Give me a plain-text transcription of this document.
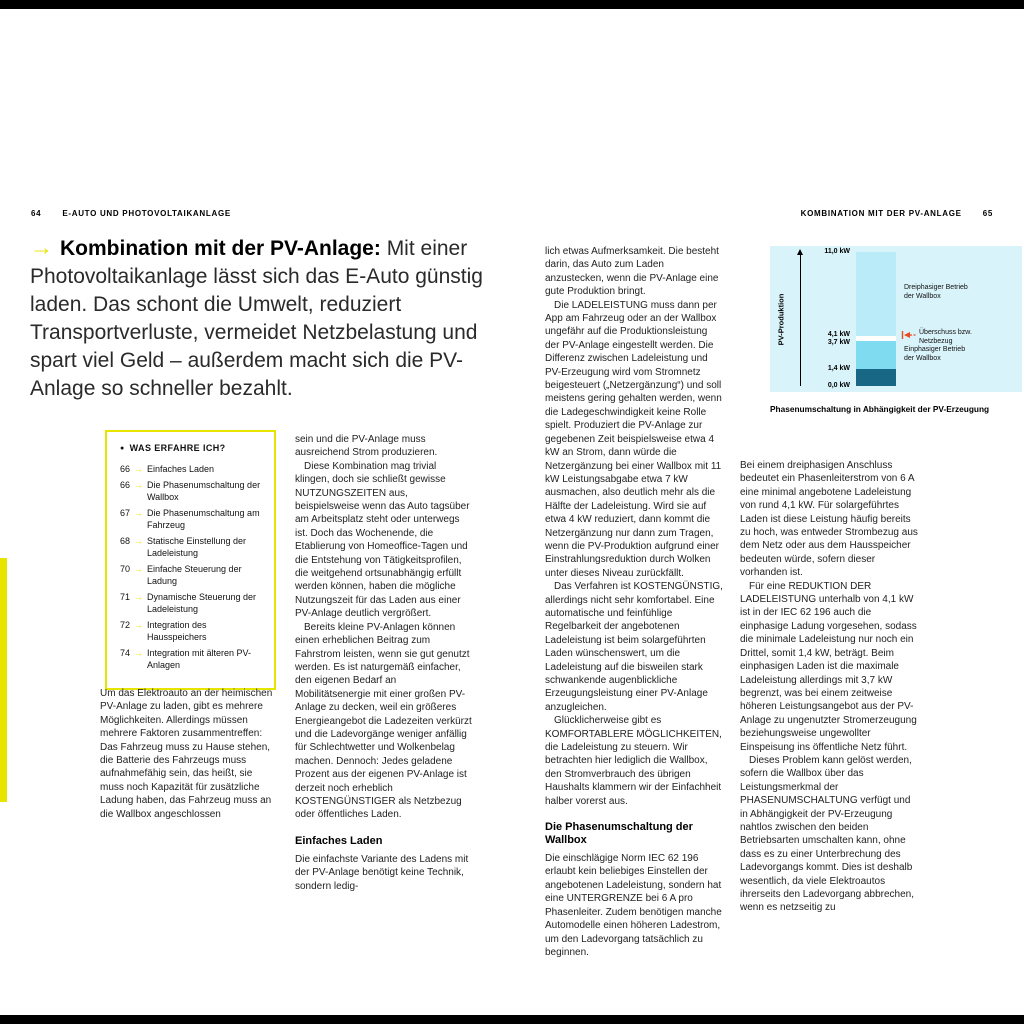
64	E-AUTO UND PHOTOVOLTAIKANLAGE	KOMBINATION MIT DER PV-ANLAGE	65
→ Kombination mit der PV-Anlage: Mit einer Photovoltaikanlage lässt sich das E-Auto günstig laden. Das schont die Umwelt, reduziert Transportverluste, vermeidet Netzbelastung und spart viel Geld – außerdem macht sich die PV-Anlage so schneller bezahlt.
● WAS ERFAHRE ICH?
66 → Einfaches Laden
66 → Die Phasenumschaltung der Wallbox
67 → Die Phasenumschaltung am Fahrzeug
68 → Statische Einstellung der Ladeleistung
70 → Einfache Steuerung der Ladung
71 → Dynamische Steuerung der Ladeleistung
72 → Integration des Hausspeichers
74 → Integration mit älteren PV-Anlagen

Um das Elektroauto an der heimischen PV-Anlage zu laden, gibt es mehrere Möglichkeiten. Allerdings müssen mehrere Faktoren zusammentreffen: Das Fahrzeug muss zu Hause stehen, die Batterie des Fahrzeugs muss aufnahmefähig sein, das heißt, sie muss noch Kapazität für zusätzliche Ladung haben, das Fahrzeug muss an die Wallbox angeschlossen

sein und die PV-Anlage muss ausreichend Strom produzieren.

Diese Kombination mag trivial klingen, doch sie schließt gewisse NUTZUNGSZEITEN aus, beispielsweise wenn das Auto tagsüber am Arbeitsplatz steht oder unterwegs ist. Doch das Wochenende, die Etablierung von Homeoffice-Tagen und die Entstehung von Tätigkeitsprofilen, die weitgehend ortsunabhängig erfüllt werden können, haben die mögliche Nutzungszeit für das Laden aus einer PV-Anlage deutlich vergrößert.

Bereits kleine PV-Anlagen können einen erheblichen Beitrag zum Fahrstrom leisten, wenn sie gut genutzt werden. Es ist naturgemäß einfacher, den eigenen Bedarf an Mobilitätsenergie mit einer großen PV-Anlage zu decken, weil ein größeres Energieangebot die Ladezeiten verkürzt und die Ladevorgänge weniger anfällig für Schlechtwetter und Wolkenbelag machen. Dennoch: Jedes geladene Prozent aus der eigenen PV-Anlage ist derzeit noch erheblich KOSTENGÜNSTIGER als Netzbezug oder öffentliches Laden.

Einfaches Laden

Die einfachste Variante des Ladens mit der PV-Anlage benötigt keine Technik, sondern ledig-

lich etwas Aufmerksamkeit. Die besteht darin, das Auto zum Laden anzustecken, wenn die PV-Anlage eine gute Produktion bringt.

Die LADELEISTUNG muss dann per App am Fahrzeug oder an der Wallbox ungefähr auf die Produktionsleistung der PV-Anlage eingestellt werden. Die Differenz zwischen Ladeleistung und PV-Erzeugung wird vom Stromnetz beigesteuert („Netzergänzung“) und soll meistens gering gehalten werden, wenn die Ladegeschwindigkeit keine Rolle spielt. Produziert die PV-Anlage zur gegebenen Zeit beispielsweise etwa 4 kW an Strom, dann würde die Netzergänzung bei einer Wallbox mit 11 kW Leistungsabgabe etwa 7 kW ausmachen, also deutlich mehr als die Hälfte der Ladeleistung. Wird sie auf etwa 4 kW reduziert, dann kommt die Netzergänzung nur dann zum Tragen, wenn die PV-Produktion aufgrund einer Einstrahlungsreduktion durch Wolken unter dieses Niveau zurückfällt.

Das Verfahren ist KOSTENGÜNSTIG, allerdings nicht sehr komfortabel. Eine automatische und feinfühlige Regelbarkeit der angebotenen Ladeleistung ist beim solargeführten Laden wünschenswert, um die Ladeleistung auf die bisweilen stark schwankende augenblickliche Erzeugungsleistung einer PV-Anlage anzugleichen.

Glücklicherweise gibt es KOMFORTABLERE MÖGLICHKEITEN, die Ladeleistung zu steuern. Wir betrachten hier lediglich die Wallbox, den Stromverbrauch des übrigen Haushalts klammern wir der Einfachheit halber vorerst aus.

Die Phasenumschaltung der Wallbox

Die einschlägige Norm IEC 62 196 erlaubt kein beliebiges Einstellen der angebotenen Ladeleistung, sondern hat eine UNTERGRENZE bei 6 A pro Phasenleiter. Zudem benötigen manche Automodelle einen höheren Ladestrom, um den Ladevorgang tatsächlich zu beginnen.

Bei einem dreiphasigen Anschluss bedeutet ein Phasenleiterstrom von 6 A eine minimal angebotene Ladeleistung von rund 4,1 kW. Für solargeführtes Laden ist diese Leistung häufig bereits zu hoch, was entweder Strombezug aus dem Netz oder aus dem Hausspeicher bedeuten würde, sofern dieser vorhanden ist.

Für eine REDUKTION DER LADELEISTUNG unterhalb von 4,1 kW ist in der IEC 62 196 auch die einphasige Ladung vorgesehen, sodass die minimale Ladeleistung nur noch ein Drittel, somit 1,4 kW, beträgt. Beim einphasigen Laden ist die maximale Ladeleistung allerdings mit 3,7 kW begrenzt, was bei einem zeitweise höheren Leistungsangebot aus der PV-Anlage zu ungenutzter Stromerzeugung beziehungsweise ungewollter Einspeisung ins öffentliche Netz führt.

Dieses Problem kann gelöst werden, sofern die Wallbox über das Leistungsmerkmal der PHASENUMSCHALTUNG verfügt und in Abhängigkeit der PV-Erzeugung nahtlos zwischen den beiden Betriebsarten umschalten kann, ohne dass es zu einer Unterbrechung des Ladevorgangs kommt. Dies ist deshalb wesentlich, da viele Elektroautos ihrerseits den Ladevorgang abbrechen, wenn es netzseitig zu

PV-Produktion
11,0 kW
4,1 kW
3,7 kW
1,4 kW
0,0 kW
Dreiphasiger Betrieb der Wallbox
Überschuss bzw. Netzbezug
Einphasiger Betrieb der Wallbox
Phasenumschaltung in Abhängigkeit der PV-Erzeugung
